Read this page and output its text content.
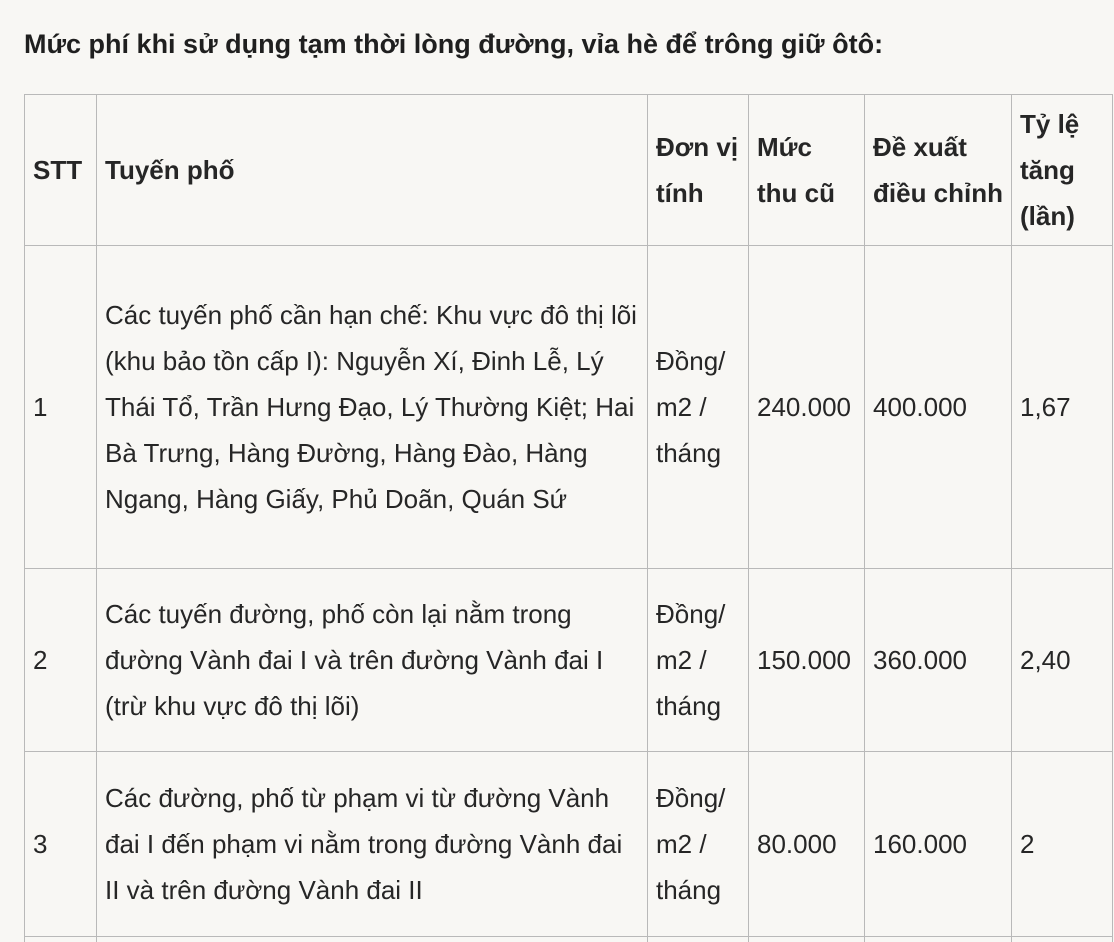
Mức phí khi sử dụng tạm thời lòng đường, vỉa hè để trông giữ ôtô:
STT	Tuyến phố	Đơn vị tính	Mức thu cũ	Đề xuất điều chỉnh	Tỷ lệ tăng (lần)
1	Các tuyến phố cần hạn chế: Khu vực đô thị lõi (khu bảo tồn cấp I): Nguyễn Xí, Đinh Lễ, Lý Thái Tổ, Trần Hưng Đạo, Lý Thường Kiệt; Hai Bà Trưng, Hàng Đường, Hàng Đào, Hàng Ngang, Hàng Giấy, Phủ Doãn, Quán Sứ	Đồng/ m2 / tháng	240.000	400.000	1,67
2	Các tuyến đường, phố còn lại nằm trong đường Vành đai I và trên đường Vành đai I (trừ khu vực đô thị lõi)	Đồng/ m2 / tháng	150.000	360.000	2,40
3	Các đường, phố từ phạm vi từ đường Vành đai I đến phạm vi nằm trong đường Vành đai II và trên đường Vành đai II	Đồng/ m2 / tháng	80.000	160.000	2
